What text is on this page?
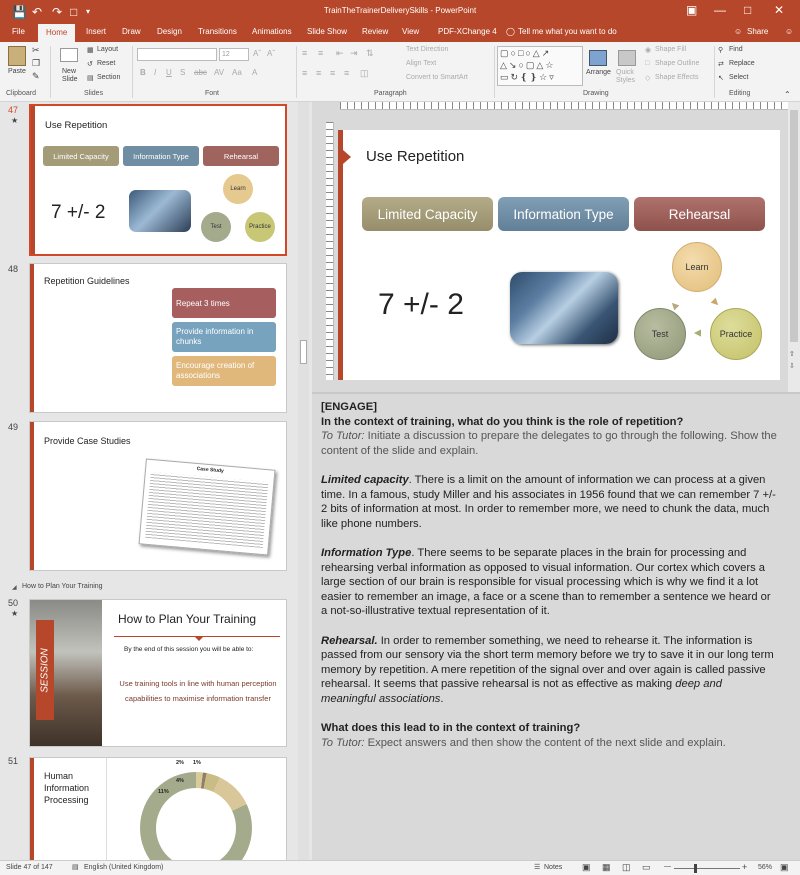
💾 ↶ ↷ □ ▾	TrainTheTrainerDeliverySkills - PowerPoint	▣ — □ ✕
File	Home	Insert Draw Design Transitions Animations Slide Show Review View PDF-XChange 4 ◯ Tell me what you want to do	☺ Share ☺
Paste
✂
❐
✎
Clipboard
New Slide
▦ Layout
↺ Reset
▤ Section
Slides
12	Aˆ Aˇ
B I U S abc AV Aa A
Font
≡ ≡ ⇤ ⇥ ⇅
≡ ≡ ≡ ≡ ◫
Text Direction
Align Text
Convert to SmartArt
Paragraph
▢○□○△↗
△↘○▢△☆
▭↻❴❵☆▿	Arrange Quick Styles
◉ Shape Fill
□ Shape Outline
◇ Shape Effects
Drawing
⚲ Find
⇄ Replace
↖ Select
Editing	⌃
47
★	Use Repetition
Limited Capacity	Information Type	Rehearsal
7 +/- 2
Learn
Test	Practice
48
Repetition Guidelines
Repeat 3 times
Provide information in chunks
Encourage creation of associations
49
Provide Case Studies
Case Study
◢ How to Plan Your Training
50
★
SESSION
How to Plan Your Training
By the end of this session you will be able to:
Use training tools in line with human perception capabilities to maximise information transfer
51
Human Information Processing
2% 1%
4%
11%
Use Repetition
Limited Capacity	Information Type	Rehearsal
7 +/- 2
Learn
Test	Practice
▲ ▲
▲
⇧
⇩
[ENGAGE]
In the context of training, what do you think is the role of repetition?

To Tutor: Initiate a discussion to prepare the delegates to go through the following. Show the content of the slide and explain.

Limited capacity. There is a limit on the amount of information we can process at a given time. In a famous, study Miller and his associates in 1956 found that we can remember 7 +/- 2 bits of information at most. In order to remember more, we need to chunk the data, much like phone numbers.

Information Type. There seems to be separate places in the brain for processing and rehearsing verbal information as opposed to visual information. Our cortex which covers a large section of our brain is responsible for visual processing which is why we find it a lot easier to remember an image, a face or a scene than to remember a sentence we heard or a not-so-illustrative textual representation of it.

Rehearsal. In order to remember something, we need to rehearse it. The information is passed from our sensory via the short term memory before we try to save it in our long term memory by repetition. A mere repetition of the signal over and over again is called passive rehearsal. It seems that passive rehearsal is not as effective as making deep and meaningful associations.

What does this lead to in the context of training?
To Tutor: Expect answers and then show the content of the next slide and explain.
Slide 47 of 147	▤ English (United Kingdom)	☰ Notes ▣ ▦ ◫ ▭ —	+ 56% ▣
